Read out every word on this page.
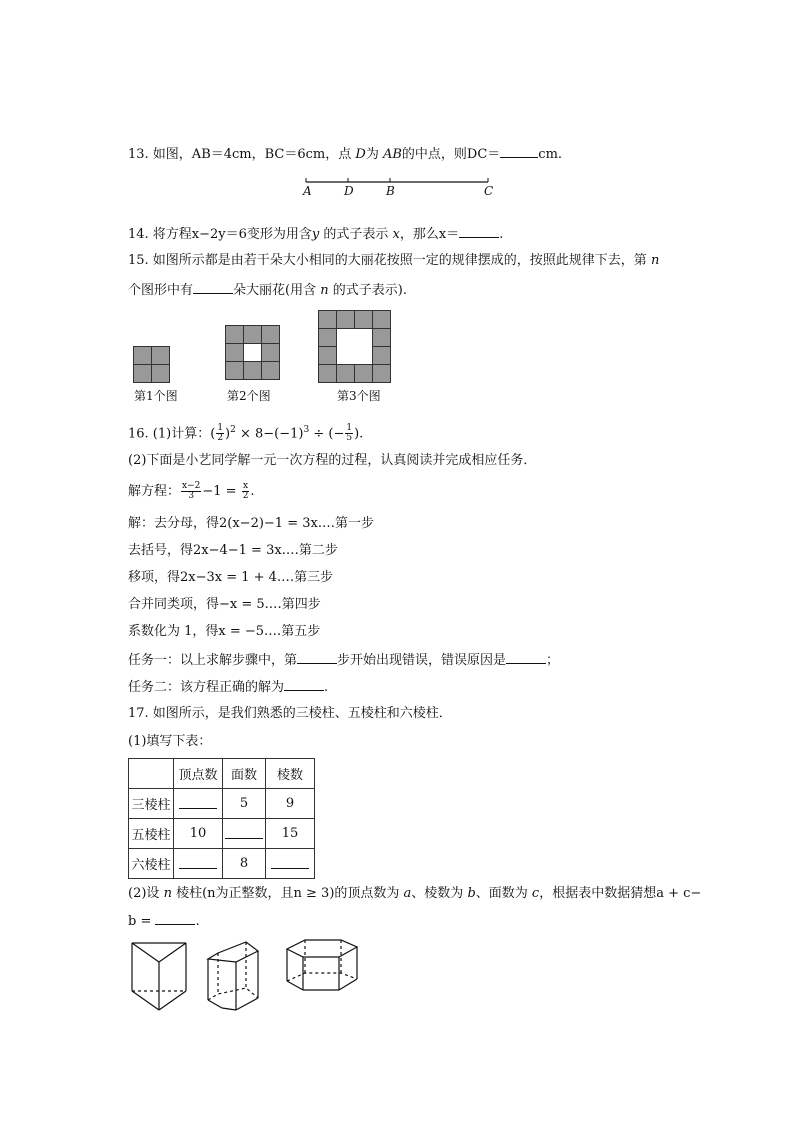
13. 如图，AB＝4cm，BC＝6cm，点 D为 AB的中点，则DC＝	cm.
A	D	B	C
14. 将方程x−2y＝6变形为用含y 的式子表示 x，那么x＝	.
15. 如图所示都是由若干朵大小相同的大丽花按照一定的规律摆成的，按照此规律下去，第 n
个图形中有	朵大丽花(用含 n 的式子表示).
第1个图	第2个图	第3个图
16. (1)计算：( $\frac{1}{2} )^2 \times 8-(-1)^3$ ÷ (− $\frac{1}{5}$ ).
(2)下面是小艺同学解一元一次方程的过程，认真阅读并完成相应任务．
解方程： $\frac{x-2}{3} -1 = \frac{x}{2}$ .
解：去分母，得2(x−2)−1 = 3x.…第一步
去括号，得2x−4−1 = 3x.…第二步
移项，得2x−3x = 1 + 4.…第三步
合并同类项，得−x = 5.…第四步
系数化为 1，得x = −5.…第五步
任务一：以上求解步骤中，第	步开始出现错误，错误原因是	；
任务二：该方程正确的解为	.
17. 如图所示，是我们熟悉的三棱柱、五棱柱和六棱柱．
(1)填写下表：
	顶点数	面数	棱数
三棱柱		5	9
五棱柱	10		15
六棱柱		8	
(2)设 n 棱柱(n为正整数，且n ≥ 3)的顶点数为 a、棱数为 b、面数为 c，根据表中数据猜想a + c−
b =	.
